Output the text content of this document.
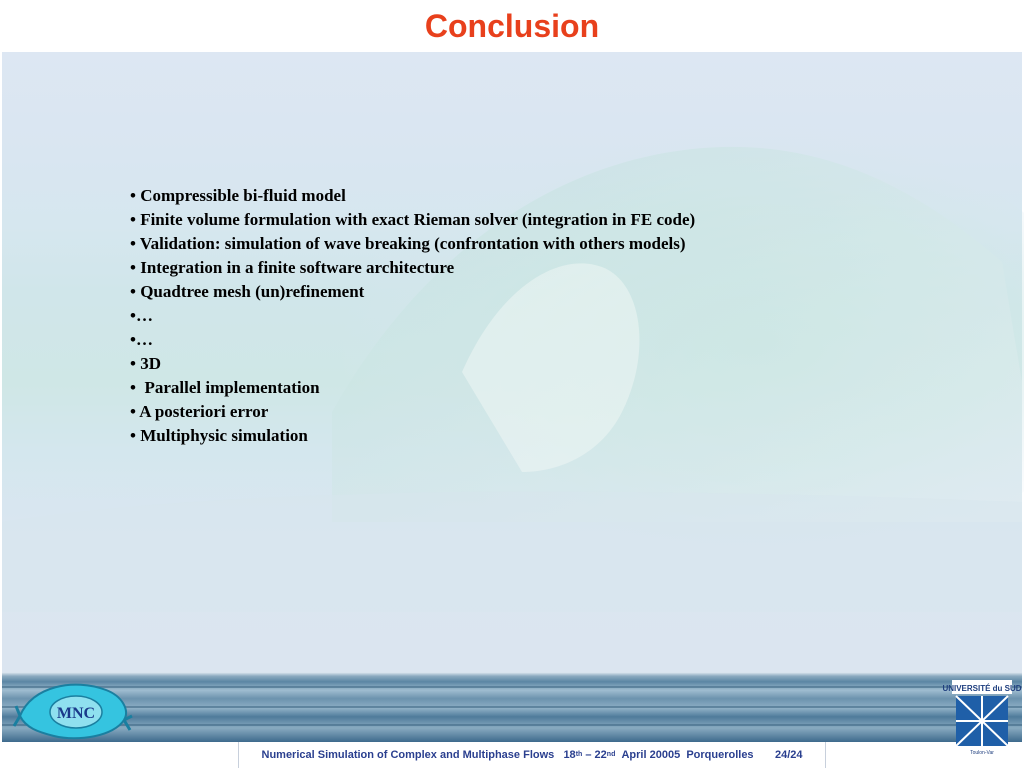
Conclusion
• Compressible bi-fluid model
• Finite volume formulation with exact Rieman solver (integration in FE code)
• Validation: simulation of wave breaking (confrontation with others models)
• Integration in a finite software architecture
• Quadtree mesh (un)refinement
•…
•…
• 3D
•  Parallel implementation
• A posteriori error
• Multiphysic simulation
MNC
UNIVERSITÉ du SUD
Toulon-Var
Numerical Simulation of Complex and Multiphase Flows
18 th
–
22 nd
April 20005
Porquerolles
24/24
